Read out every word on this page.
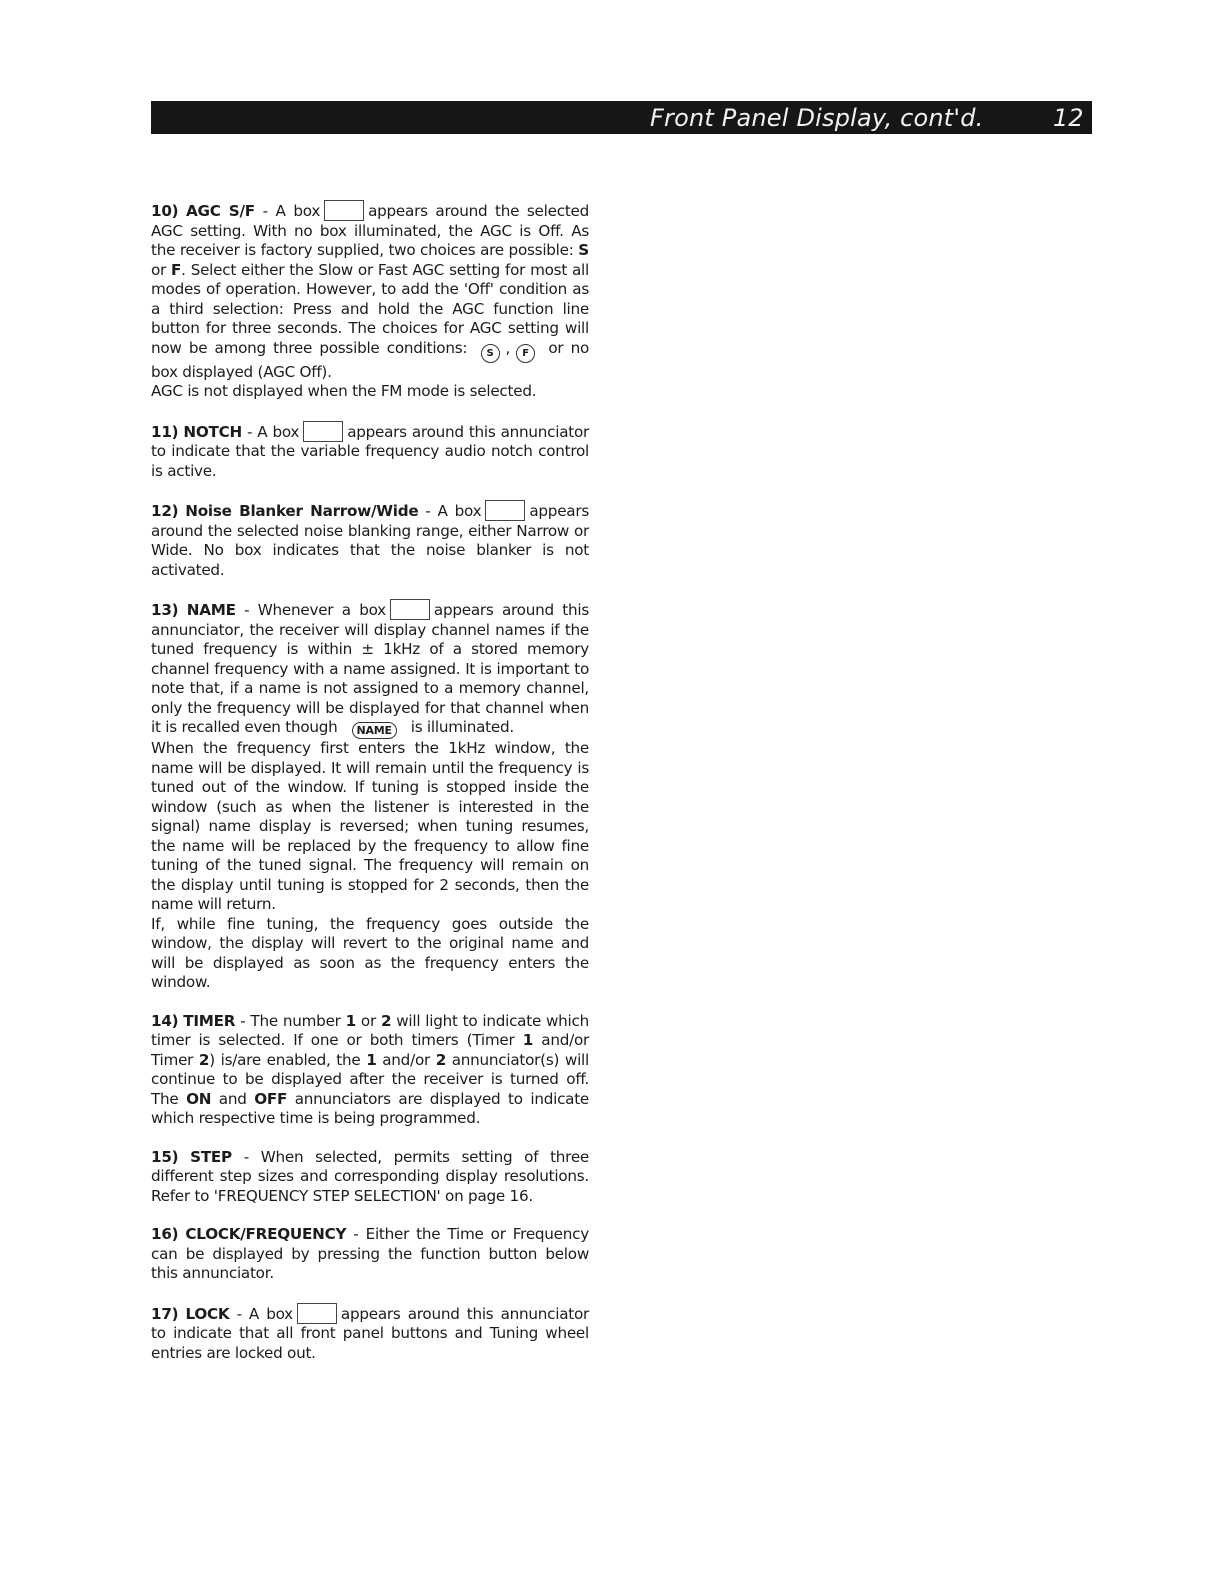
Front Panel Display, cont'd.	12

10) AGC S/F - A box	appears around the selected AGC setting. With no box illuminated, the AGC is Off. As the receiver is factory supplied, two choices are possible: S or F. Select either the Slow or Fast AGC setting for most all modes of operation. However, to add the 'Off' condition as a third selection: Press and hold the AGC function line button for three seconds. The choices for AGC setting will now be among three possible conditions: S , F or no box displayed (AGC Off).

AGC is not displayed when the FM mode is selected.

11) NOTCH - A box	appears around this annunciator to indicate that the variable frequency audio notch control is active.

12) Noise Blanker Narrow/Wide - A box	appears around the selected noise blanking range, either Narrow or Wide. No box indicates that the noise blanker is not activated.

13) NAME - Whenever a box	appears around this annunciator, the receiver will display channel names if the tuned frequency is within ± 1kHz of a stored memory channel frequency with a name assigned. It is important to note that, if a name is not assigned to a memory channel, only the frequency will be displayed for that channel when it is recalled even though NAME is illuminated.

When the frequency first enters the 1kHz window, the name will be displayed. It will remain until the frequency is tuned out of the window. If tuning is stopped inside the window (such as when the listener is interested in the signal) name display is reversed; when tuning resumes, the name will be replaced by the frequency to allow fine tuning of the tuned signal. The frequency will remain on the display until tuning is stopped for 2 seconds, then the name will return.

If, while fine tuning, the frequency goes outside the window, the display will revert to the original name and will be displayed as soon as the frequency enters the window.

14) TIMER - The number 1 or 2 will light to indicate which timer is selected. If one or both timers (Timer 1 and/or Timer 2) is/are enabled, the 1 and/or 2 annunciator(s) will continue to be displayed after the receiver is turned off. The ON and OFF annunciators are displayed to indicate which respective time is being programmed.

15) STEP - When selected, permits setting of three different step sizes and corresponding display resolutions. Refer to 'FREQUENCY STEP SELECTION' on page 16.

16) CLOCK/FREQUENCY - Either the Time or Frequency can be displayed by pressing the function button below this annunciator.

17) LOCK - A box	appears around this annunciator to indicate that all front panel buttons and Tuning wheel entries are locked out.
